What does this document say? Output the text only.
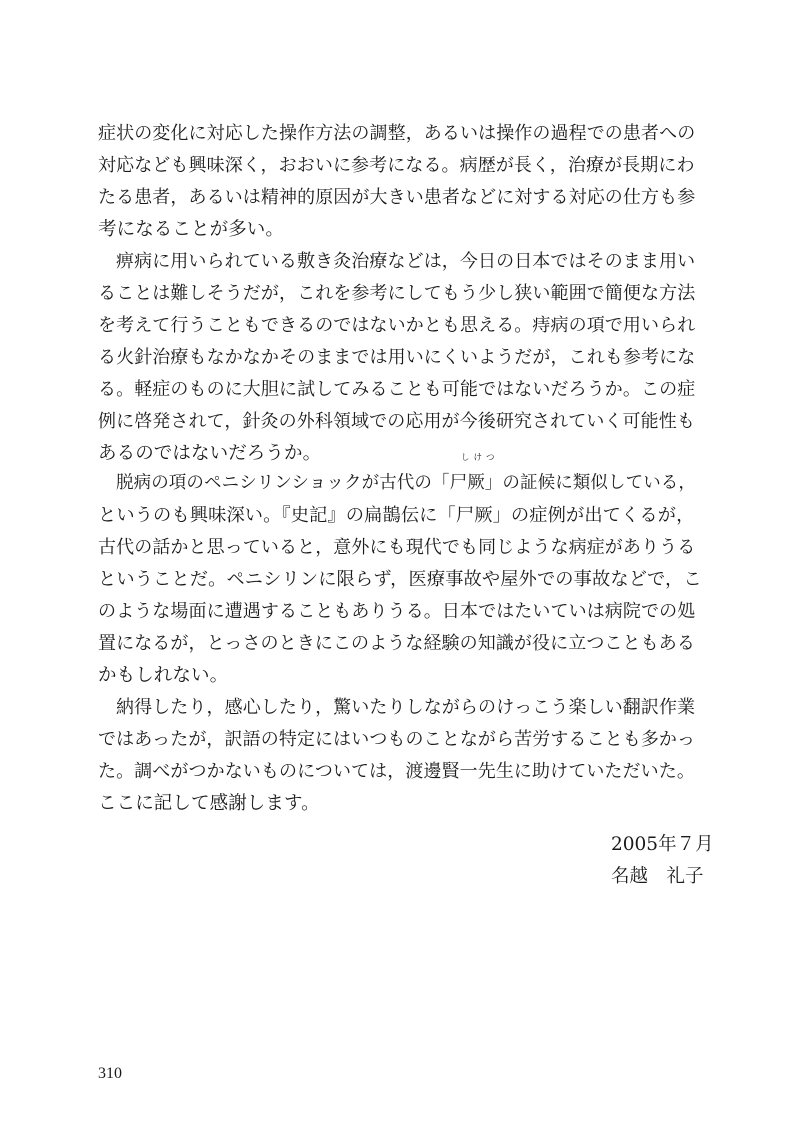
症状の変化に対応した操作方法の調整，あるいは操作の過程での患者への
対応なども興味深く，おおいに参考になる。病歴が長く，治療が長期にわ
たる患者，あるいは精神的原因が大きい患者などに対する対応の仕方も参
考になることが多い。
痹病に用いられている敷き灸治療などは，今日の日本ではそのまま用い
ることは難しそうだが，これを参考にしてもう少し狭い範囲で簡便な方法
を考えて行うこともできるのではないかとも思える。痔病の項で用いられ
る火針治療もなかなかそのままでは用いにくいようだが，これも参考にな
る。軽症のものに大胆に試してみることも可能ではないだろうか。この症
例に啓発されて，針灸の外科領域での応用が今後研究されていく可能性も
あるのではないだろうか。	しけつ
脱病の項のペニシリンショックが古代の「尸厥」の証候に類似している，
というのも興味深い。『史記』の扁鵲伝に「尸厥」の症例が出てくるが，
古代の話かと思っていると，意外にも現代でも同じような病症がありうる
ということだ。ペニシリンに限らず，医療事故や屋外での事故などで，こ
のような場面に遭遇することもありうる。日本ではたいていは病院での処
置になるが，とっさのときにこのような経験の知識が役に立つこともある
かもしれない。
納得したり，感心したり，驚いたりしながらのけっこう楽しい翻訳作業
ではあったが，訳語の特定にはいつものことながら苦労することも多かっ
た。調べがつかないものについては，渡邊賢一先生に助けていただいた。
ここに記して感謝します。
2005年７月
名越　礼子
310
